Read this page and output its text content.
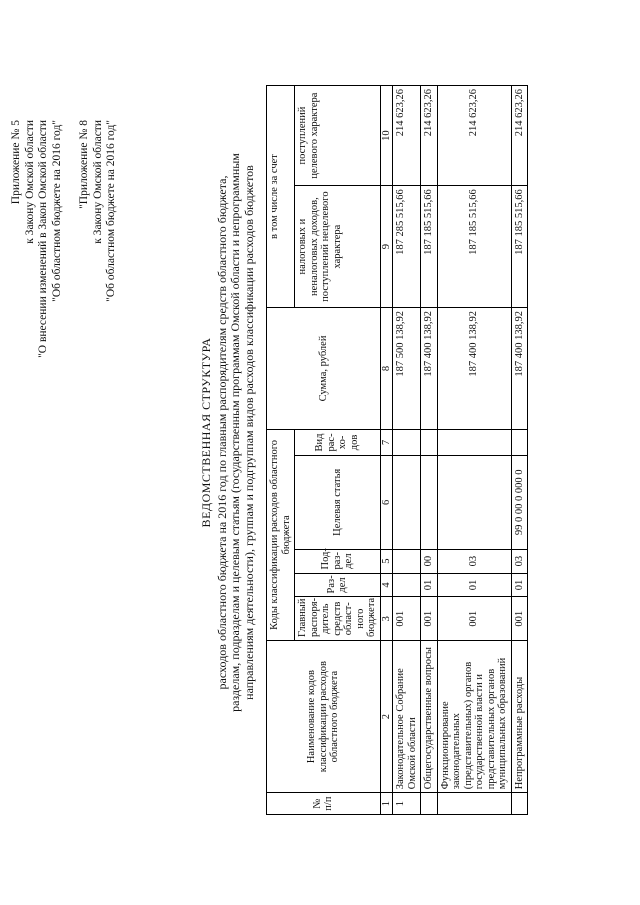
Приложение № 5 к Закону Омской области "О внесении изменений в Закон Омской области "Об областном бюджете на 2016 год" "Приложение № 8 к Закону Омской области "Об областном бюджете на 2016 год"
ВЕДОМСТВЕННАЯ СТРУКТУРА расходов областного бюджета на 2016 год по главным распорядителям средств областного бюджета, разделам, подразделам и целевым статьям (государственным программам Омской области и непрограммным направлениям деятельности), группам и подгруппам видов расходов классификации расходов бюджетов
№ п/п	Наименование кодов классификации расходов областного бюджета	Коды классификации расходов областного бюджета					Сумма, рублей	в том числе за счет	
		Главный распоря-дитель средств област-ного бюджета	Раз-дел	Под-раз-дел	Целевая статья	Вид рас-хо-дов		налоговых и неналоговых доходов, поступлений нецелевого характера	поступлений целевого характера

1	2	3	4	5	6	7	8	9	10
1	Законодательное Собрание Омской области	001					187 500 138,92	187 285 515,66	214 623,26
	Общегосударственные вопросы	001	01	00			187 400 138,92	187 185 515,66	214 623,26
	Функционирование законодательных (представительных) органов государственной власти и представительных органов муниципальных образований	001	01	03			187 400 138,92	187 185 515,66	214 623,26
	Непрограммные расходы	001	01	03	99 0 00 0 000 0		187 400 138,92	187 185 515,66	214 623,26
